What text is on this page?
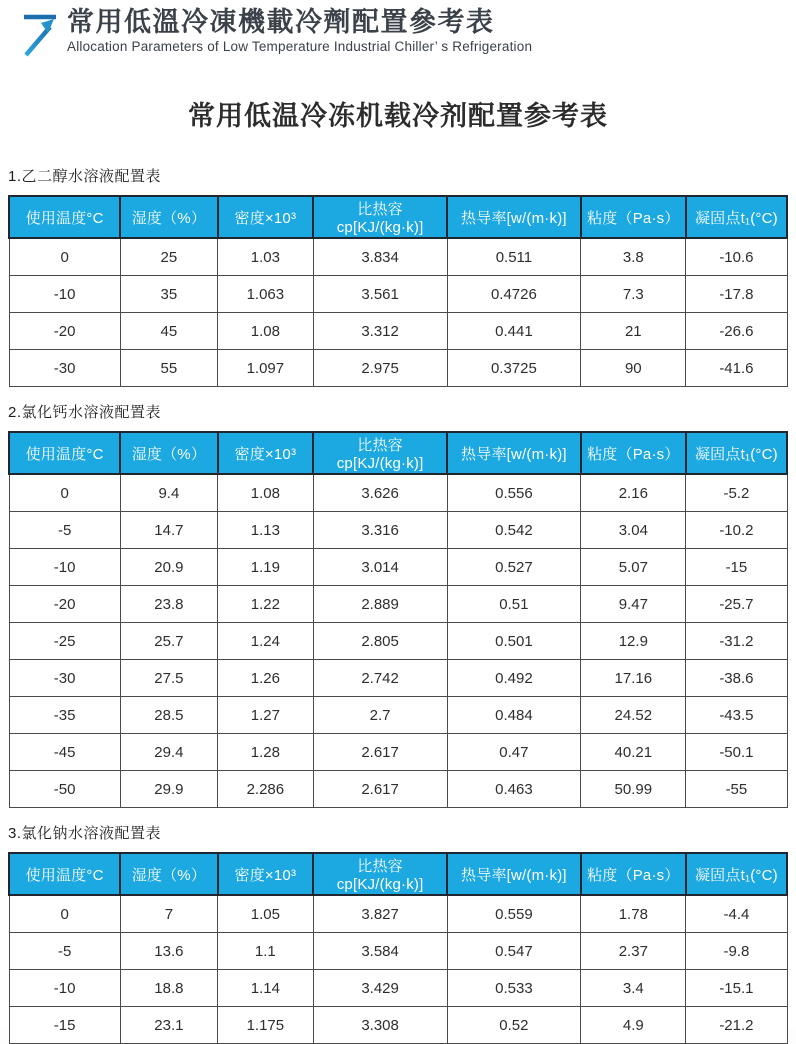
常用低溫冷凍機載冷劑配置參考表
Allocation Parameters of Low Temperature Industrial Chiller’ s Refrigeration
常用低温冷冻机载冷剂配置参考表
1.乙二醇水溶液配置表
使用温度°C	湿度（%）	密度×10³	比热容cp[KJ/(kg·k)]	热导率[w/(m·k)]	粘度（Pa·s）	凝固点t₁(°C)
0	25	1.03	3.834	0.511	3.8	-10.6
-10	35	1.063	3.561	0.4726	7.3	-17.8
-20	45	1.08	3.312	0.441	21	-26.6
-30	55	1.097	2.975	0.3725	90	-41.6
2.氯化钙水溶液配置表
使用温度°C	湿度（%）	密度×10³	比热容cp[KJ/(kg·k)]	热导率[w/(m·k)]	粘度（Pa·s）	凝固点t₁(°C)
0	9.4	1.08	3.626	0.556	2.16	-5.2
-5	14.7	1.13	3.316	0.542	3.04	-10.2
-10	20.9	1.19	3.014	0.527	5.07	-15
-20	23.8	1.22	2.889	0.51	9.47	-25.7
-25	25.7	1.24	2.805	0.501	12.9	-31.2
-30	27.5	1.26	2.742	0.492	17.16	-38.6
-35	28.5	1.27	2.7	0.484	24.52	-43.5
-45	29.4	1.28	2.617	0.47	40.21	-50.1
-50	29.9	2.286	2.617	0.463	50.99	-55
3.氯化钠水溶液配置表
使用温度°C	湿度（%）	密度×10³	比热容cp[KJ/(kg·k)]	热导率[w/(m·k)]	粘度（Pa·s）	凝固点t₁(°C)
0	7	1.05	3.827	0.559	1.78	-4.4
-5	13.6	1.1	3.584	0.547	2.37	-9.8
-10	18.8	1.14	3.429	0.533	3.4	-15.1
-15	23.1	1.175	3.308	0.52	4.9	-21.2
